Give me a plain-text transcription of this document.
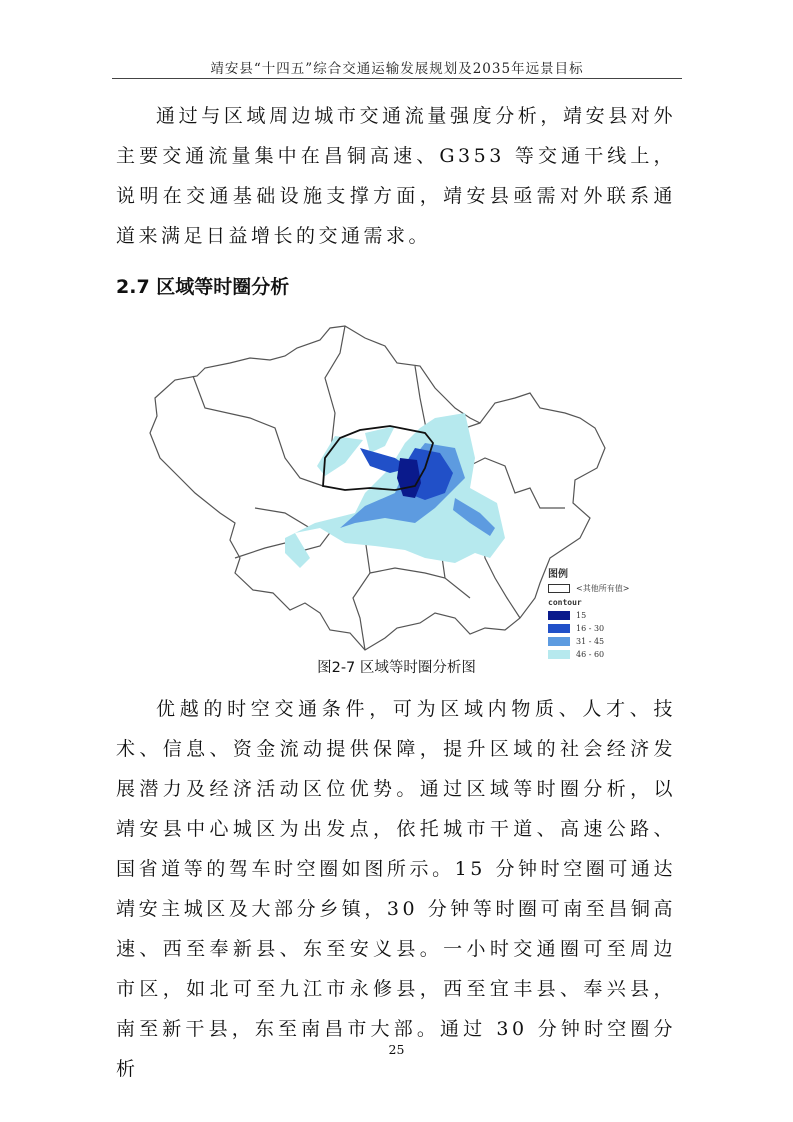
靖安县“十四五”综合交通运输发展规划及2035年远景目标
通过与区域周边城市交通流量强度分析，靖安县对外主要交通流量集中在昌铜高速、G353 等交通干线上，说明在交通基础设施支撑方面，靖安县亟需对外联系通道来满足日益增长的交通需求。
2.7 区域等时圈分析
图例
<其他所有值>
contour
15
16 - 30
31 - 45
46 - 60
图2-7 区域等时圈分析图
优越的时空交通条件，可为区域内物质、人才、技术、信息、资金流动提供保障，提升区域的社会经济发展潜力及经济活动区位优势。通过区域等时圈分析，以靖安县中心城区为出发点，依托城市干道、高速公路、国省道等的驾车时空圈如图所示。15 分钟时空圈可通达靖安主城区及大部分乡镇，30 分钟等时圈可南至昌铜高速、西至奉新县、东至安义县。一小时交通圈可至周边市区，如北可至九江市永修县，西至宜丰县、奉兴县，南至新干县，东至南昌市大部。通过 30 分钟时空圈分析
25
